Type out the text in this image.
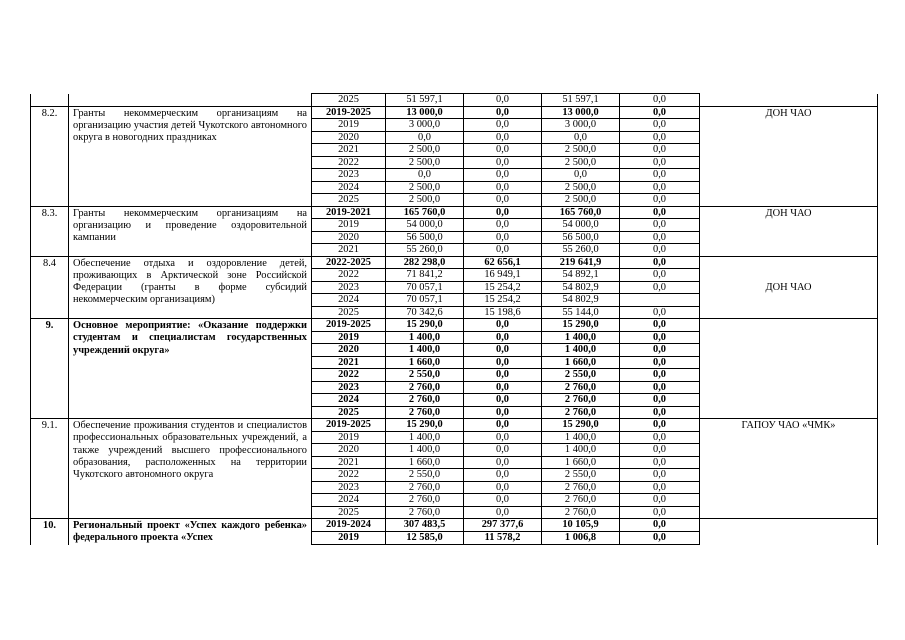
		2025	51 597,1	0,0	51 597,1	0,0	
8.2.	Гранты некоммерческим организациям на организацию участия детей Чукотского автономного округа в новогодних праздниках	2019-2025	13 000,0	0,0	13 000,0	0,0	ДОН ЧАО
		2019	3 000,0	0,0	3 000,0	0,0	
		2020	0,0	0,0	0,0	0,0	
		2021	2 500,0	0,0	2 500,0	0,0	
		2022	2 500,0	0,0	2 500,0	0,0	
		2023	0,0	0,0	0,0	0,0	
		2024	2 500,0	0,0	2 500,0	0,0	
		2025	2 500,0	0,0	2 500,0	0,0	
8.3.	Гранты некоммерческим организациям на организацию и проведение оздоровительной кампании	2019-2021	165 760,0	0,0	165 760,0	0,0	ДОН ЧАО
		2019	54 000,0	0,0	54 000,0	0,0	
		2020	56 500,0	0,0	56 500,0	0,0	
		2021	55 260,0	0,0	55 260,0	0,0	
8.4	Обеспечение отдыха и оздоровление детей, проживающих в Арктической зоне Российской Федерации (гранты в форме субсидий некоммерческим организациям)	2022-2025	282 298,0	62 656,1	219 641,9	0,0	ДОН ЧАО
		2022	71 841,2	16 949,1	54 892,1	0,0	
		2023	70 057,1	15 254,2	54 802,9	0,0	
		2024	70 057,1	15 254,2	54 802,9		
		2025	70 342,6	15 198,6	55 144,0	0,0	
9.	Основное мероприятие: «Оказание поддержки студентам и специалистам государственных учреждений округа»	2019-2025	15 290,0	0,0	15 290,0	0,0	
		2019	1 400,0	0,0	1 400,0	0,0	
		2020	1 400,0	0,0	1 400,0	0,0	
		2021	1 660,0	0,0	1 660,0	0,0	
		2022	2 550,0	0,0	2 550,0	0,0	
		2023	2 760,0	0,0	2 760,0	0,0	
		2024	2 760,0	0,0	2 760,0	0,0	
		2025	2 760,0	0,0	2 760,0	0,0	
9.1.	Обеспечение проживания студентов и специалистов профессиональных образовательных учреждений, а также учреждений высшего профессионального образования, расположенных на территории Чукотского автономного округа	2019-2025	15 290,0	0,0	15 290,0	0,0	ГАПОУ ЧАО «ЧМК»
		2019	1 400,0	0,0	1 400,0	0,0	
		2020	1 400,0	0,0	1 400,0	0,0	
		2021	1 660,0	0,0	1 660,0	0,0	
		2022	2 550,0	0,0	2 550,0	0,0	
		2023	2 760,0	0,0	2 760,0	0,0	
		2024	2 760,0	0,0	2 760,0	0,0	
		2025	2 760,0	0,0	2 760,0	0,0	
10.	Региональный проект «Успех каждого ребенка» федерального проекта «Успех	2019-2024	307 483,5	297 377,6	10 105,9	0,0	
		2019	12 585,0	11 578,2	1 006,8	0,0	
